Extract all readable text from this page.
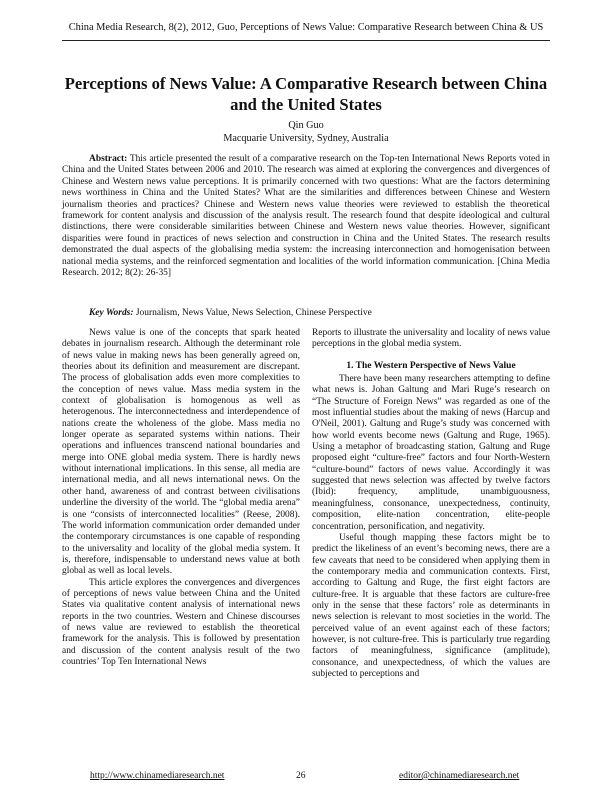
China Media Research, 8(2), 2012, Guo, Perceptions of News Value: Comparative Research between China & US
Perceptions of News Value: A Comparative Research between China and the United States
Qin Guo
Macquarie University, Sydney, Australia

Abstract: This article presented the result of a comparative research on the Top-ten International News Reports voted in China and the United States between 2006 and 2010. The research was aimed at exploring the convergences and divergences of Chinese and Western news value perceptions. It is primarily concerned with two questions: What are the factors determining news worthiness in China and the United States? What are the similarities and differences between Chinese and Western journalism theories and practices? Chinese and Western news value theories were reviewed to establish the theoretical framework for content analysis and discussion of the analysis result. The research found that despite ideological and cultural distinctions, there were considerable similarities between Chinese and Western news value theories. However, significant disparities were found in practices of news selection and construction in China and the United States. The research results demonstrated the dual aspects of the globalising media system: the increasing interconnection and homogenisation between national media systems, and the reinforced segmentation and localities of the world information communication. [China Media Research. 2012; 8(2): 26-35]

Key Words: Journalism, News Value, News Selection, Chinese Perspective

News value is one of the concepts that spark heated debates in journalism research. Although the determinant role of news value in making news has been generally agreed on, theories about its definition and measurement are discrepant. The process of globalisation adds even more complexities to the conception of news value. Mass media system in the context of globalisation is homogenous as well as heterogenous. The interconnectedness and interdependence of nations create the wholeness of the globe. Mass media no longer operate as separated systems within nations. Their operations and influences transcend national boundaries and merge into ONE global media system. There is hardly news without international implications. In this sense, all media are international media, and all news international news. On the other hand, awareness of and contrast between civilisations underline the diversity of the world. The “global media arena” is one “consists of interconnected localities” (Reese, 2008). The world information communication order demanded under the contemporary circumstances is one capable of responding to the universality and locality of the global media system. It is, therefore, indispensable to understand news value at both global as well as local levels.

This article explores the convergences and divergences of perceptions of news value between China and the United States via qualitative content analysis of international news reports in the two countries. Western and Chinese discourses of news value are reviewed to establish the theoretical framework for the analysis. This is followed by presentation and discussion of the content analysis result of the two countries’ Top Ten International News

Reports to illustrate the universality and locality of news value perceptions in the global media system.

1. The Western Perspective of News Value

There have been many researchers attempting to define what news is. Johan Galtung and Mari Ruge’s research on “The Structure of Foreign News” was regarded as one of the most influential studies about the making of news (Harcup and O'Neil, 2001). Galtung and Ruge’s study was concerned with how world events become news (Galtung and Ruge, 1965). Using a metaphor of broadcasting station, Galtung and Ruge proposed eight “culture-free” factors and four North-Western “culture-bound” factors of news value. Accordingly it was suggested that news selection was affected by twelve factors (Ibid): frequency, amplitude, unambiguousness, meaningfulness, consonance, unexpectedness, continuity, composition, elite-nation concentration, elite-people concentration, personification, and negativity.

Useful though mapping these factors might be to predict the likeliness of an event’s becoming news, there are a few caveats that need to be considered when applying them in the contemporary media and communication contexts. First, according to Galtung and Ruge, the first eight factors are culture-free. It is arguable that these factors are culture-free only in the sense that these factors’ role as determinants in news selection is relevant to most societies in the world. The perceived value of an event against each of these factors; however, is not culture-free. This is particularly true regarding factors of meaningfulness, significance (amplitude), consonance, and unexpectedness, of which the values are subjected to perceptions and

http://www.chinamediaresearch.net	26	editor@chinamediaresearch.net
